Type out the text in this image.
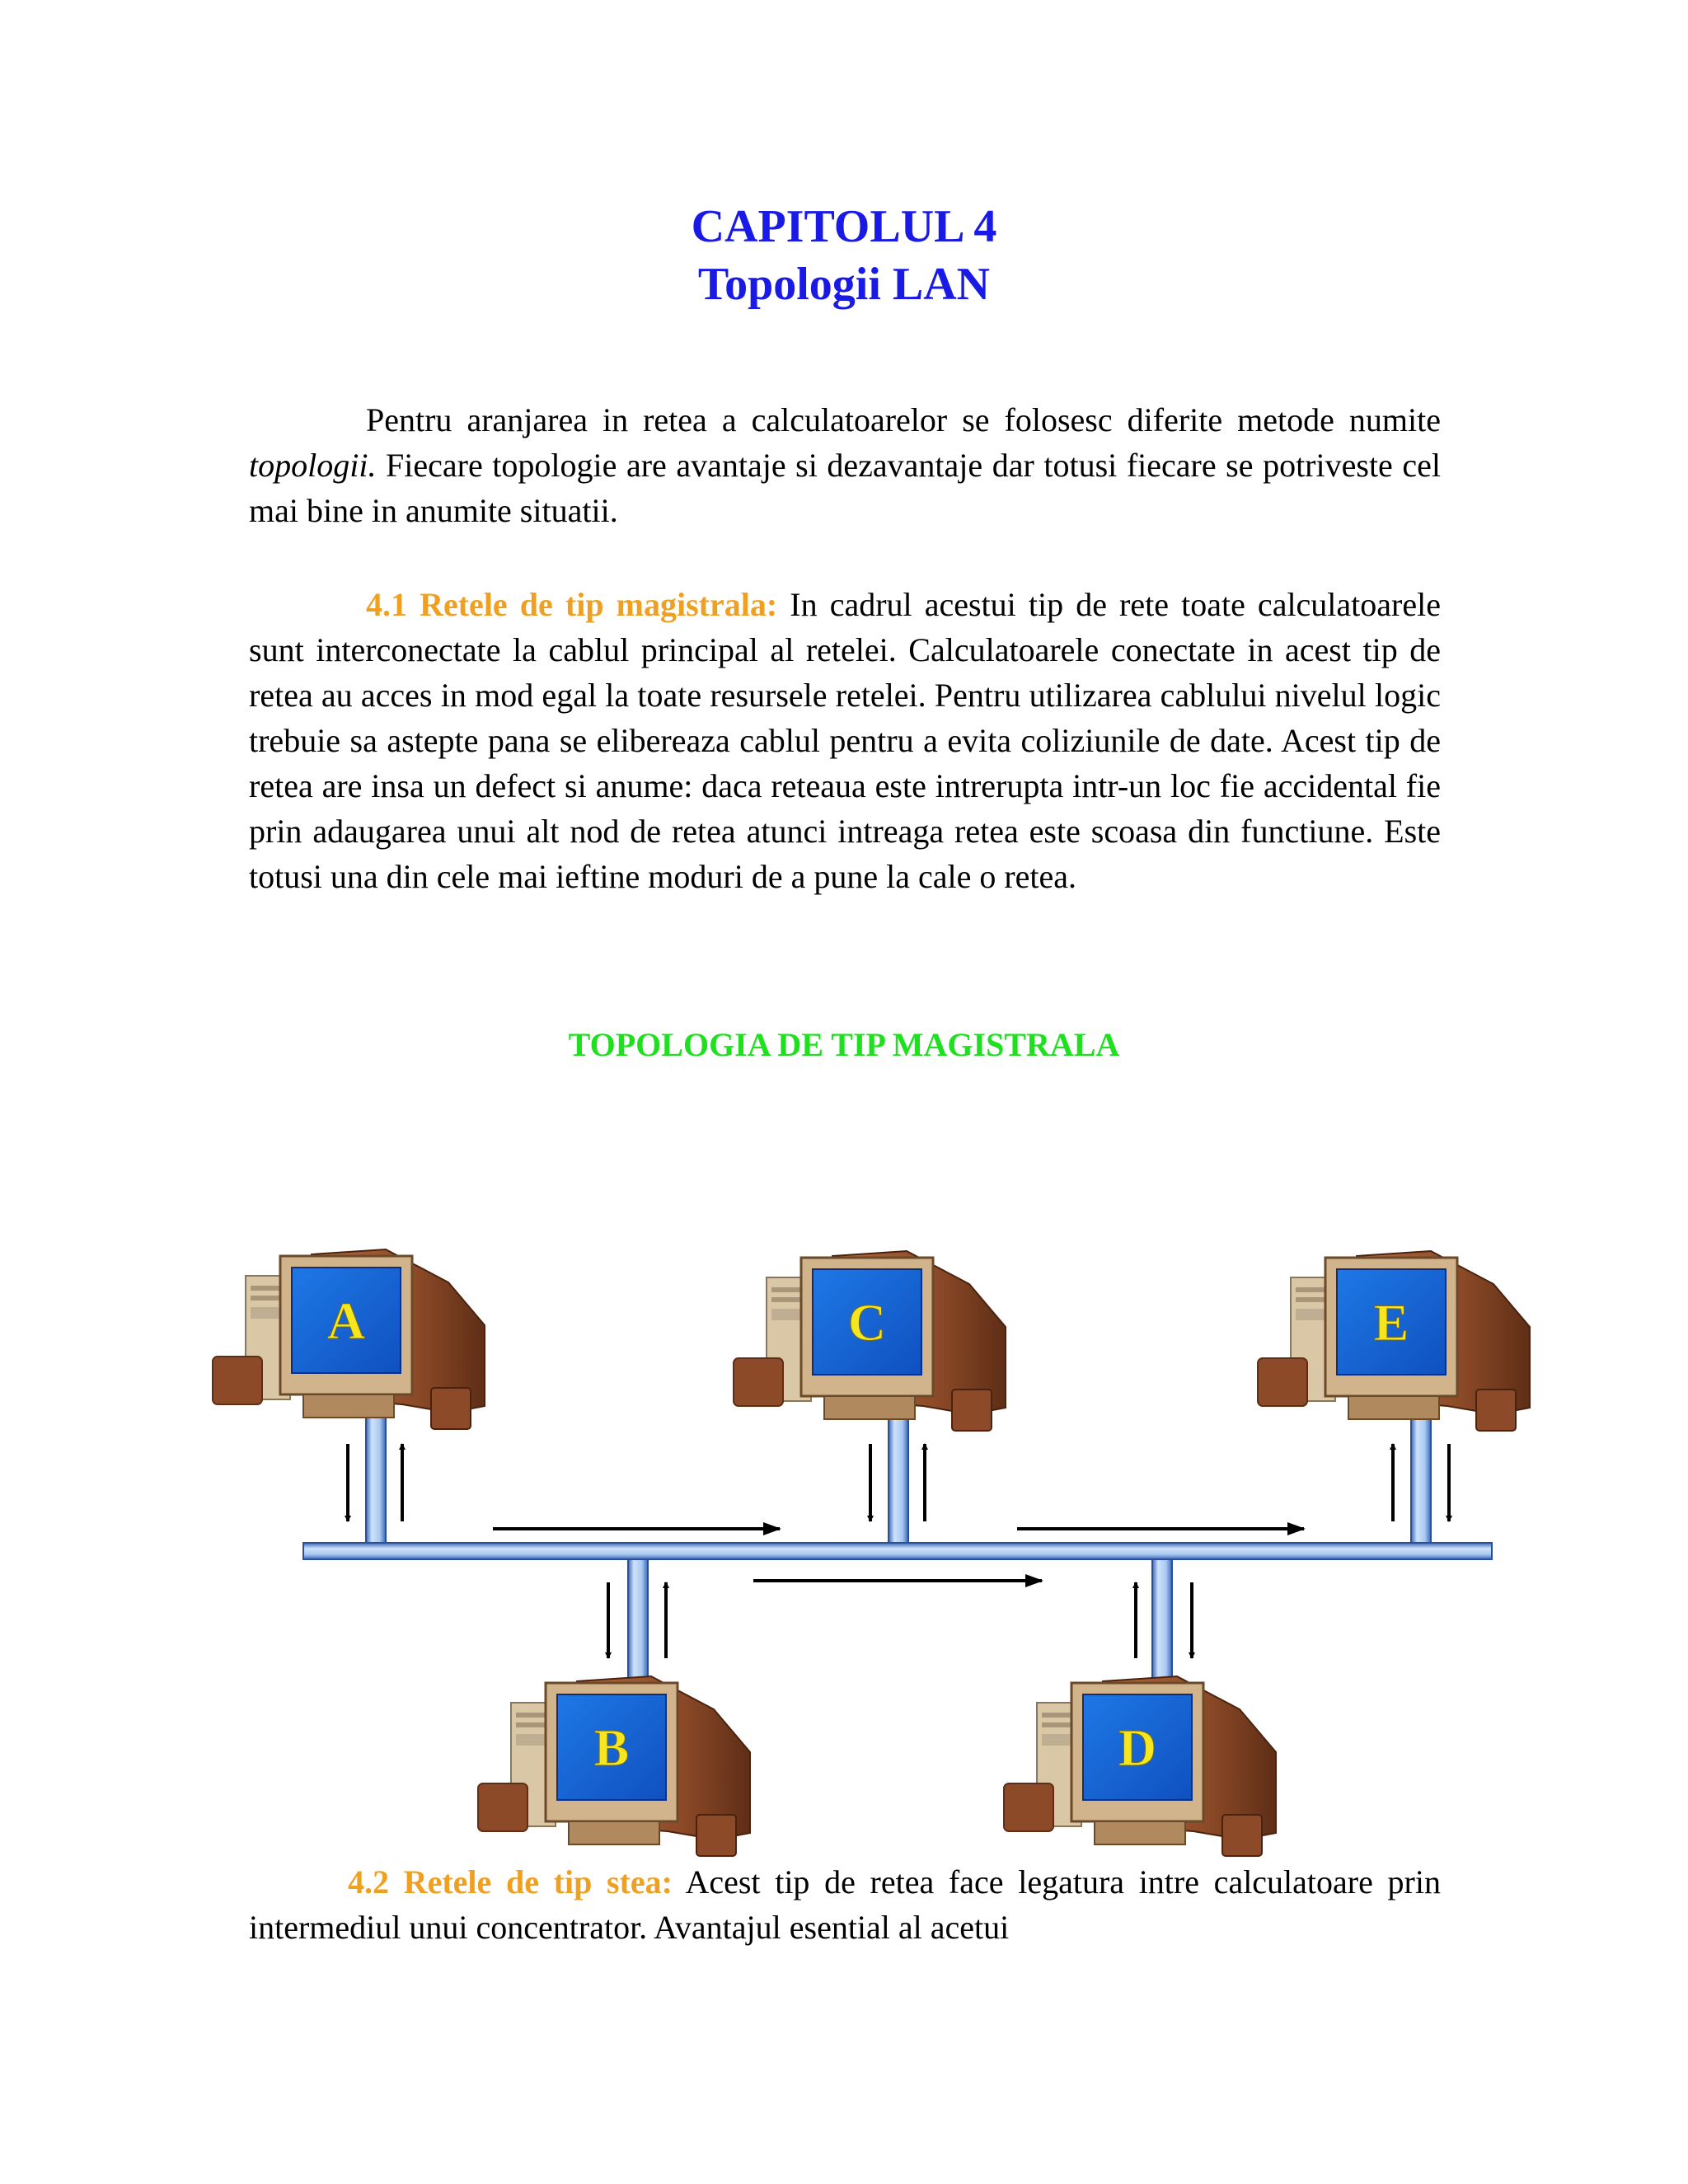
CAPITOLUL 4
Topologii LAN

Pentru aranjarea in retea a calculatoarelor se folosesc diferite metode numite topologii. Fiecare topologie are avantaje si dezavantaje dar totusi fiecare se potriveste cel mai bine in anumite situatii.

4.1 Retele de tip magistrala: In cadrul acestui tip de rete toate calculatoarele sunt interconectate la cablul principal al retelei. Calculatoarele conectate in acest tip de retea au acces in mod egal la toate resursele retelei. Pentru utilizarea cablului nivelul logic trebuie sa astepte pana se elibereaza cablul pentru a evita coliziunile de date. Acest tip de retea are insa un defect si anume: daca reteaua este intrerupta intr-un loc fie accidental fie prin adaugarea unui alt nod de retea atunci intreaga retea este scoasa din functiune. Este totusi una din cele mai ieftine moduri de a pune la cale o retea.

TOPOLOGIA DE TIP MAGISTRALA
A	C	E
B	D

4.2 Retele de tip stea: Acest tip de retea face legatura intre calculatoare prin intermediul unui concentrator. Avantajul esential al acetui
